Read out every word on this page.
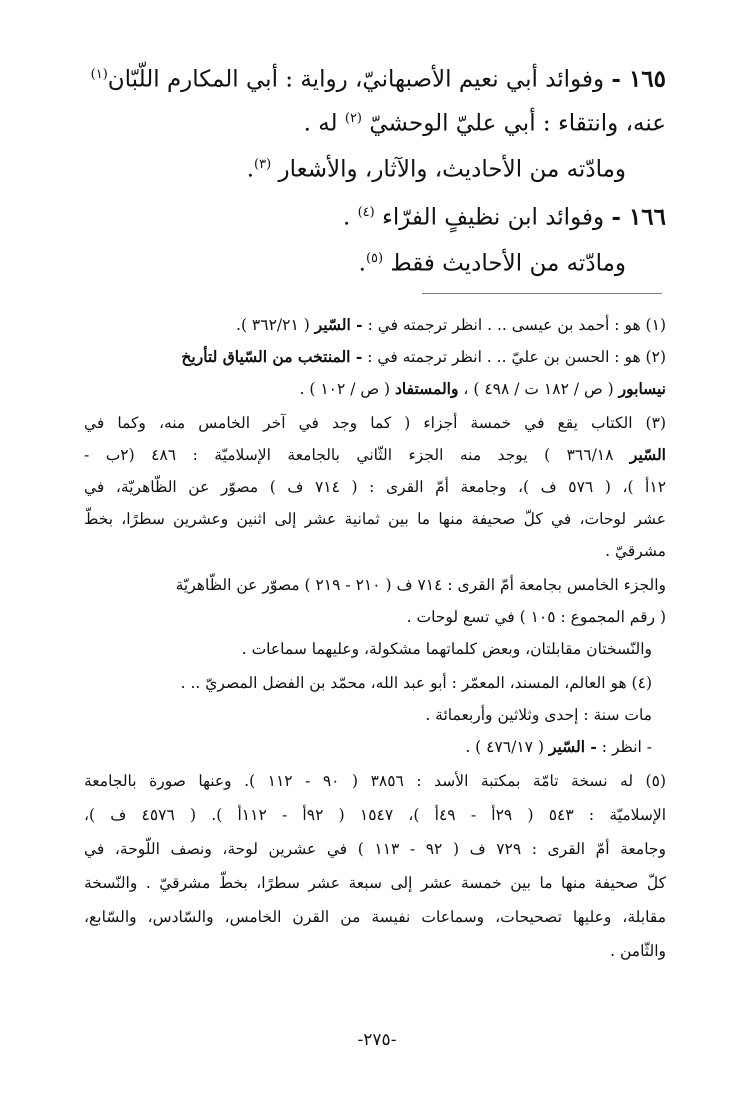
١٦٥ - وفوائد أبي نعيم الأصبهانيّ، رواية : أبي المكارم اللّبّان$^{(١)}$
عنه، وانتقاء : أبي عليّ الوحشيّ $^{(٢)}$ له .
ومادّته من الأحاديث، والآثار، والأشعار $^{(٣)}$.
١٦٦ - وفوائد ابن نظيفٍ الفرّاء $^{(٤)}$ .
ومادّته من الأحاديث فقط $^{(٥)}$.
(١) هو : أحمد بن عيسى .. . انظر ترجمته في : - السّير ( ٣٦٢/٢١ ).
(٢) هو : الحسن بن عليّ .. . انظر ترجمته في : - المنتخب من السّياق لتأريخ
نيسابور ( ص / ١٨٢ ت / ٤٩٨ ) ، والمستفاد ( ص / ١٠٢ ) .
(٣) الكتاب يقع في خمسة أجزاء ( كما وجد في آخر الخامس منه، وكما في
السّير ٣٦٦/١٨ ) يوجد منه الجزء الثّاني بالجامعة الإسلاميّة : ٤٨٦ (٢ب -
١٢أ )، ( ٥٧٦ ف )، وجامعة أمّ القرى : ( ٧١٤ ف ) مصوّر عن الظّاهريّة، في
عشر لوحات، في كلّ صحيفة منها ما بين ثمانية عشر إلى اثنين وعشرين سطرًا، بخطّ
مشرقيّ .
والجزء الخامس بجامعة أمّ القرى : ٧١٤ ف ( ٢١٠ - ٢١٩ ) مصوّر عن الظّاهريّة
( رقم المجموع : ١٠٥ ) في تسع لوحات .
والنّسختان مقابلتان، وبعض كلماتهما مشكولة، وعليهما سماعات .
(٤) هو العالم، المسند، المعمّر : أبو عبد الله، محمّد بن الفضل المصريّ .. .
مات سنة : إحدى وثلاثين وأربعمائة .
- انظر : - السّير ( ٤٧٦/١٧ ) .
(٥) له نسخة تامّة بمكتبة الأسد : ٣٨٥٦ ( ٩٠ - ١١٢ ). وعنها صورة بالجامعة
الإسلاميّة : ٥٤٣ ( ٢٩أ - ٤٩أ )، ١٥٤٧ ( ٩٢أ - ١١٢أ ). ( ٤٥٧٦ ف )،
وجامعة أمّ القرى : ٧٢٩ ف ( ٩٢ - ١١٣ ) في عشرين لوحة، ونصف اللّوحة، في
كلّ صحيفة منها ما بين خمسة عشر إلى سبعة عشر سطرًا، بخطّ مشرقيّ . والنّسخة
مقابلة، وعليها تصحيحات، وسماعات نفيسة من القرن الخامس، والسّادس، والسّابع،
والثّامن .
-٢٧٥-
